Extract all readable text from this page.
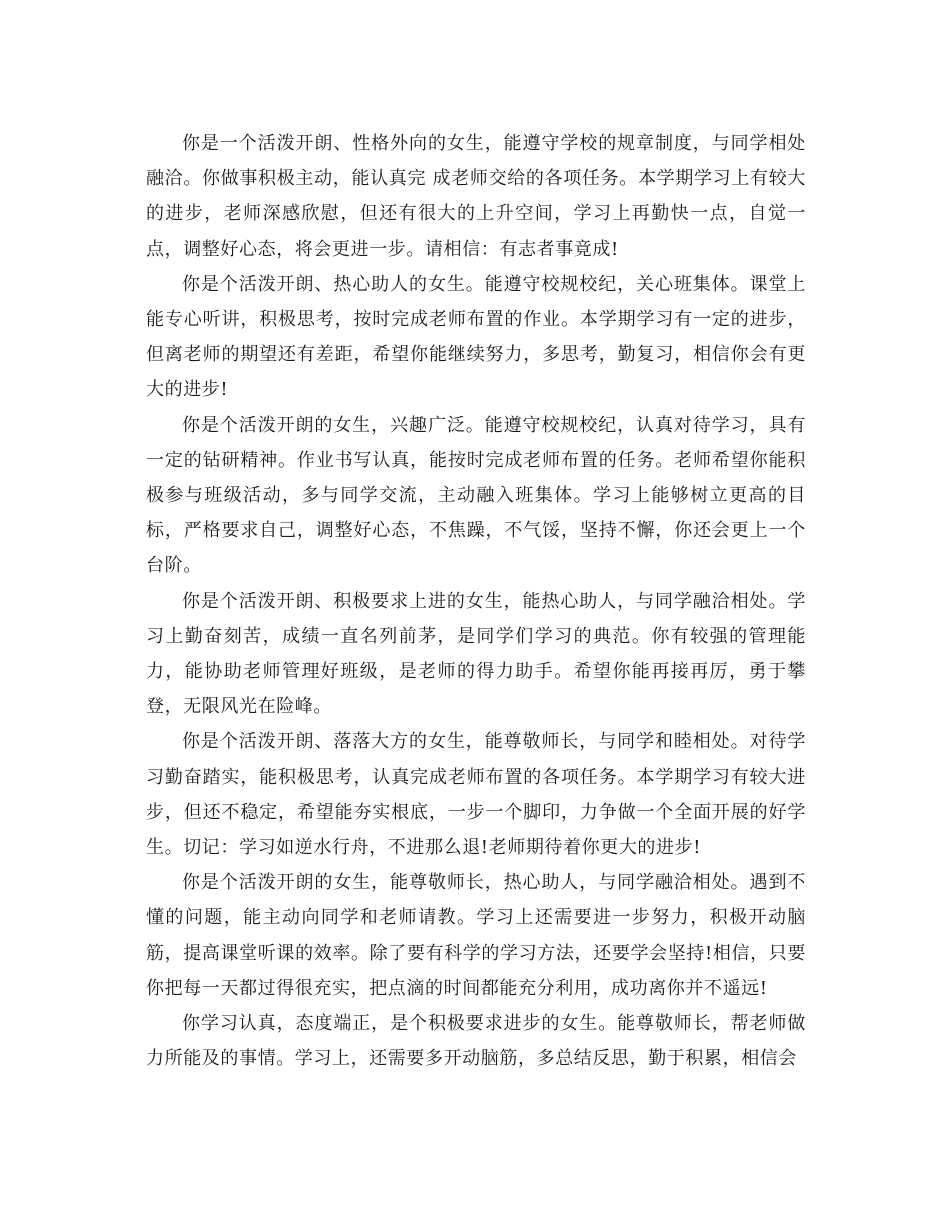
你是一个活泼开朗、性格外向的女生，能遵守学校的规章制度，与同学相处融洽。你做事积极主动，能认真完 成老师交给的各项任务。本学期学习上有较大的进步，老师深感欣慰，但还有很大的上升空间，学习上再勤快一点，自觉一点，调整好心态，将会更进一步。请相信：有志者事竟成!

你是个活泼开朗、热心助人的女生。能遵守校规校纪，关心班集体。课堂上能专心听讲，积极思考，按时完成老师布置的作业。本学期学习有一定的进步，但离老师的期望还有差距，希望你能继续努力，多思考，勤复习，相信你会有更大的进步!

你是个活泼开朗的女生，兴趣广泛。能遵守校规校纪，认真对待学习，具有一定的钻研精神。作业书写认真，能按时完成老师布置的任务。老师希望你能积极参与班级活动，多与同学交流，主动融入班集体。学习上能够树立更高的目标，严格要求自己，调整好心态，不焦躁，不气馁，坚持不懈，你还会更上一个台阶。

你是个活泼开朗、积极要求上进的女生，能热心助人，与同学融洽相处。学习上勤奋刻苦，成绩一直名列前茅，是同学们学习的典范。你有较强的管理能力，能协助老师管理好班级，是老师的得力助手。希望你能再接再厉，勇于攀登，无限风光在险峰。

你是个活泼开朗、落落大方的女生，能尊敬师长，与同学和睦相处。对待学习勤奋踏实，能积极思考，认真完成老师布置的各项任务。本学期学习有较大进步，但还不稳定，希望能夯实根底，一步一个脚印，力争做一个全面开展的好学生。切记：学习如逆水行舟，不进那么退!老师期待着你更大的进步!

你是个活泼开朗的女生，能尊敬师长，热心助人，与同学融洽相处。遇到不懂的问题，能主动向同学和老师请教。学习上还需要进一步努力，积极开动脑筋，提高课堂听课的效率。除了要有科学的学习方法，还要学会坚持!相信，只要你把每一天都过得很充实，把点滴的时间都能充分利用，成功离你并不遥远!

你学习认真，态度端正，是个积极要求进步的女生。能尊敬师长，帮老师做力所能及的事情。学习上，还需要多开动脑筋，多总结反思，勤于积累，相信会
